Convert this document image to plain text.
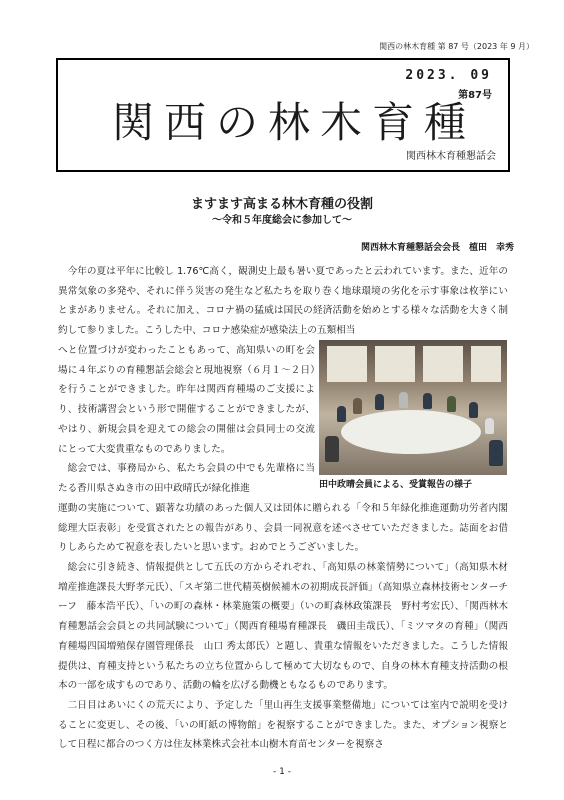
関西の林木育種 第 87 号（2023 年 9 月）
2023. 09
第87号
関西の林木育種
関西林木育種懇話会
ますます高まる林木育種の役割
～令和５年度総会に参加して～
関西林木育種懇話会会長　植田　幸秀

今年の夏は平年に比較し 1.76℃高く，観測史上最も暑い夏であったと云われています。また、近年の異常気象の多発や、それに伴う災害の発生など私たちを取り巻く地球環境の劣化を示す事象は枚挙にいとまがありません。それに加え、コロナ禍の猛威は国民の経済活動を始めとする様々な活動を大きく制約して参りました。こうした中、コロナ感染症が感染法上の五類相当

へと位置づけが変わったこともあって、高知県いの町を会場に４年ぶりの育種懇話会総会と現地視察（６月１～２日）を行うことができました。昨年は関西育種場のご支援により、技術講習会という形で開催することができましたが、やはり、新規会員を迎えての総会の開催は会員同士の交流にとって大変貴重なものでありました。

総会では、事務局から、私たち会員の中でも先輩格に当たる香川県さぬき市の田中政晴氏が緑化推進	田中政晴会員による、受賞報告の様子
運動の実施について、顕著な功績のあった個人又は団体に贈られる「令和５年緑化推進運動功労者内閣総理大臣表彰」を受賞されたとの報告があり、会員一同祝意を述べさせていただきました。誌面をお借りしあらためて祝意を表したいと思います。おめでとうございました。

総会に引き続き、情報提供として五氏の方からそれぞれ、「高知県の林業情勢について」（高知県木材増産推進課長大野孝元氏）、「スギ第二世代精英樹候補木の初期成長評価」（高知県立森林技術センターチーフ　藤本浩平氏）、「いの町の森林・林業施策の概要」（いの町森林政策課長　野村考宏氏）、「関西林木育種懇話会会員との共同試験について」（関西育種場育種課長　磯田圭哉氏）、「ミツマタの育種」（関西育種場四国増殖保存園管理係長　山口 秀太郎氏）と題し、貴重な情報をいただきました。こうした情報提供は、育種支持という私たちの立ち位置からして極めて大切なもので、自身の林木育種支持活動の根本の一部を成すものであり、活動の輪を広げる動機ともなるものであります。

二日目はあいにくの荒天により、予定した「里山再生支援事業整備地」については室内で説明を受けることに変更し、その後、「いの町紙の博物館」を視察することができました。また、オプション視察として日程に都合のつく方は住友林業株式会社本山樹木育苗センターを視察さ

- 1 -
